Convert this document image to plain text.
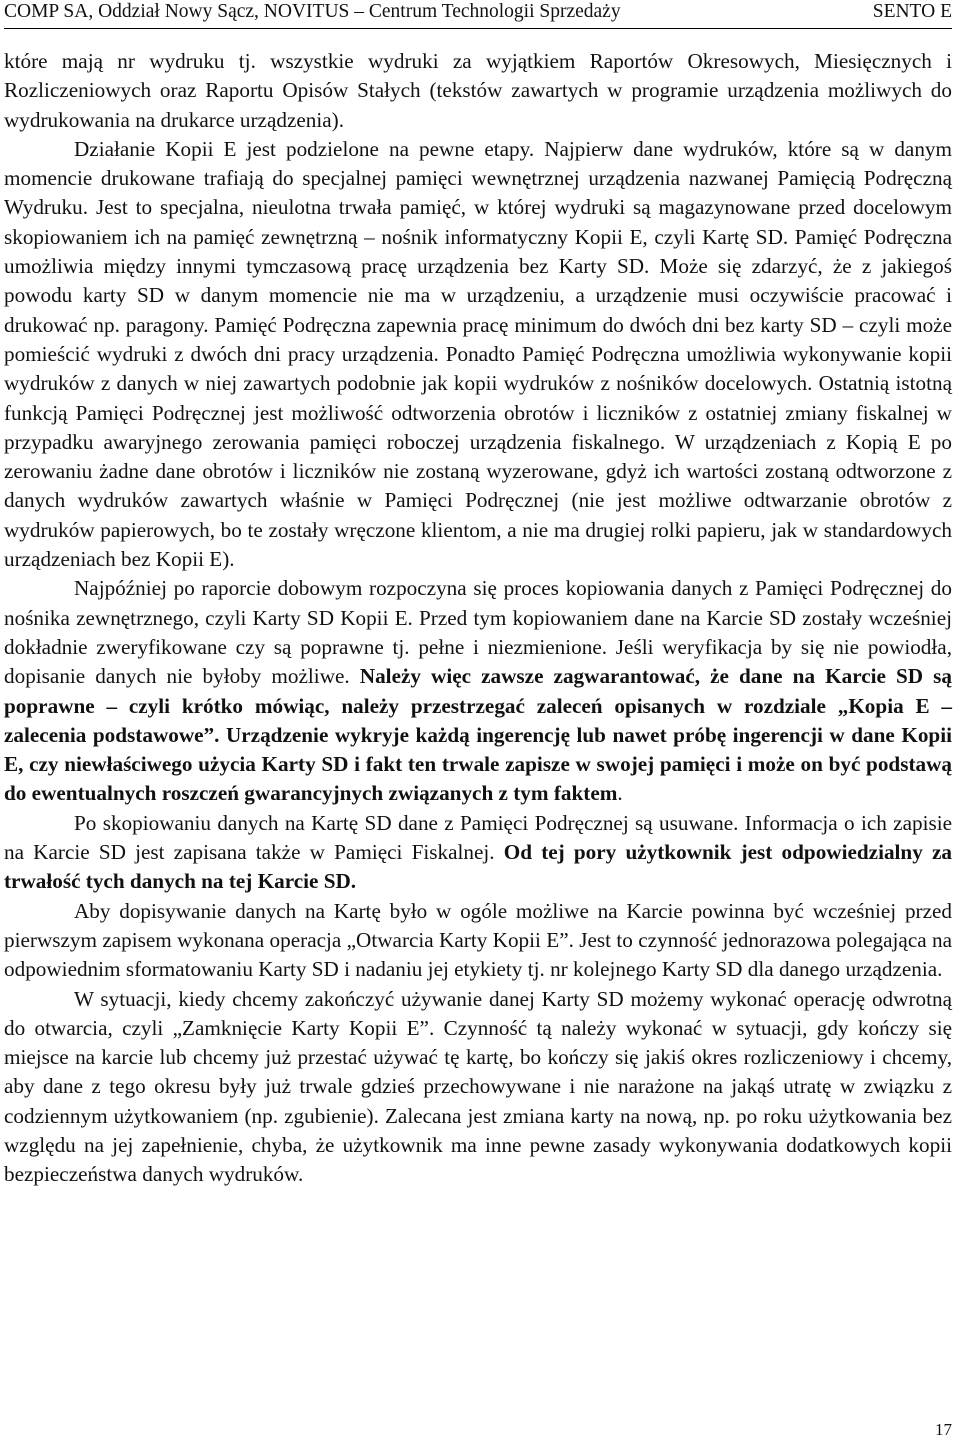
COMP SA, Oddział Nowy Sącz, NOVITUS – Centrum Technologii Sprzedaży	SENTO E

które mają nr wydruku tj. wszystkie wydruki za wyjątkiem Raportów Okresowych, Miesięcznych i Rozliczeniowych oraz Raportu Opisów Stałych (tekstów zawartych w programie urządzenia możliwych do wydrukowania na drukarce urządzenia).

Działanie Kopii E jest podzielone na pewne etapy. Najpierw dane wydruków, które są w danym momencie drukowane trafiają do specjalnej pamięci wewnętrznej urządzenia nazwanej Pamięcią Podręczną Wydruku. Jest to specjalna, nieulotna trwała pamięć, w której wydruki są magazynowane przed docelowym skopiowaniem ich na pamięć zewnętrzną – nośnik informatyczny Kopii E, czyli Kartę SD. Pamięć Podręczna umożliwia między innymi tymczasową pracę urządzenia bez Karty SD. Może się zdarzyć, że z jakiegoś powodu karty SD w danym momencie nie ma w urządzeniu, a urządzenie musi oczywiście pracować i drukować np. paragony. Pamięć Podręczna zapewnia pracę minimum do dwóch dni bez karty SD – czyli może pomieścić wydruki z dwóch dni pracy urządzenia. Ponadto Pamięć Podręczna umożliwia wykonywanie kopii wydruków z danych w niej zawartych podobnie jak kopii wydruków z nośników docelowych. Ostatnią istotną funkcją Pamięci Podręcznej jest możliwość odtworzenia obrotów i liczników z ostatniej zmiany fiskalnej w przypadku awaryjnego zerowania pamięci roboczej urządzenia fiskalnego. W urządzeniach z Kopią E po zerowaniu żadne dane obrotów i liczników nie zostaną wyzerowane, gdyż ich wartości zostaną odtworzone z danych wydruków zawartych właśnie w Pamięci Podręcznej (nie jest możliwe odtwarzanie obrotów z wydruków papierowych, bo te zostały wręczone klientom, a nie ma drugiej rolki papieru, jak w standardowych urządzeniach bez Kopii E).

Najpóźniej po raporcie dobowym rozpoczyna się proces kopiowania danych z Pamięci Podręcznej do nośnika zewnętrznego, czyli Karty SD Kopii E. Przed tym kopiowaniem dane na Karcie SD zostały wcześniej dokładnie zweryfikowane czy są poprawne tj. pełne i niezmienione. Jeśli weryfikacja by się nie powiodła, dopisanie danych nie byłoby możliwe. Należy więc zawsze zagwarantować, że dane na Karcie SD są poprawne – czyli krótko mówiąc, należy przestrzegać zaleceń opisanych w rozdziale „Kopia E – zalecenia podstawowe”. Urządzenie wykryje każdą ingerencję lub nawet próbę ingerencji w dane Kopii E, czy niewłaściwego użycia Karty SD i fakt ten trwale zapisze w swojej pamięci i może on być podstawą do ewentualnych roszczeń gwarancyjnych związanych z tym faktem.

Po skopiowaniu danych na Kartę SD dane z Pamięci Podręcznej są usuwane. Informacja o ich zapisie na Karcie SD jest zapisana także w Pamięci Fiskalnej. Od tej pory użytkownik jest odpowiedzialny za trwałość tych danych na tej Karcie SD.

Aby dopisywanie danych na Kartę było w ogóle możliwe na Karcie powinna być wcześniej przed pierwszym zapisem wykonana operacja „Otwarcia Karty Kopii E”. Jest to czynność jednorazowa polegająca na odpowiednim sformatowaniu Karty SD i nadaniu jej etykiety tj. nr kolejnego Karty SD dla danego urządzenia.

W sytuacji, kiedy chcemy zakończyć używanie danej Karty SD możemy wykonać operację odwrotną do otwarcia, czyli „Zamknięcie Karty Kopii E”. Czynność tą należy wykonać w sytuacji, gdy kończy się miejsce na karcie lub chcemy już przestać używać tę kartę, bo kończy się jakiś okres rozliczeniowy i chcemy, aby dane z tego okresu były już trwale gdzieś przechowywane i nie narażone na jakąś utratę w związku z codziennym użytkowaniem (np. zgubienie). Zalecana jest zmiana karty na nową, np. po roku użytkowania bez względu na jej zapełnienie, chyba, że użytkownik ma inne pewne zasady wykonywania dodatkowych kopii bezpieczeństwa danych wydruków.

17
